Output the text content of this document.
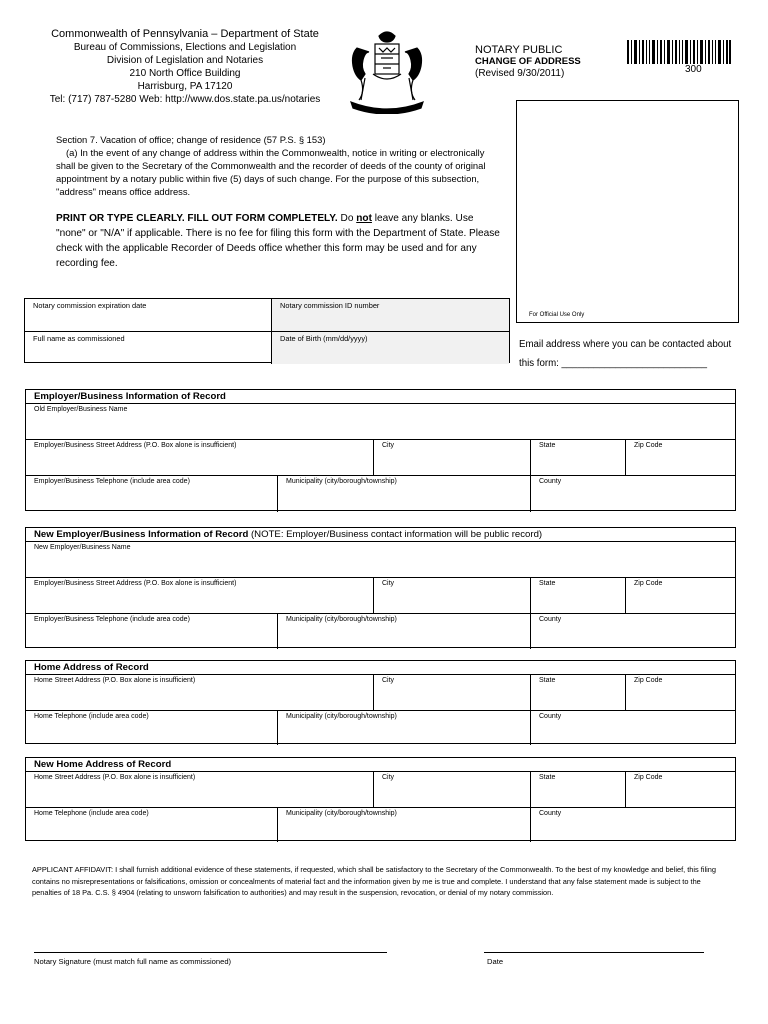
Commonwealth of Pennsylvania – Department of State
Bureau of Commissions, Elections and Legislation
Division of Legislation and Notaries
210 North Office Building
Harrisburg, PA 17120
Tel: (717) 787-5280 Web: http://www.dos.state.pa.us/notaries
NOTARY PUBLIC
CHANGE OF ADDRESS
(Revised 9/30/2011)	300
For Official Use Only
Section 7. Vacation of office; change of residence (57 P.S. § 153)
(a) In the event of any change of address within the Commonwealth, notice in writing or electronically shall be given to the Secretary of the Commonwealth and the recorder of deeds of the county of original appointment by a notary public within five (5) days of such change. For the purpose of this subsection, "address" means office address.
PRINT OR TYPE CLEARLY. FILL OUT FORM COMPLETELY. Do not leave any blanks. Use "none" or "N/A" if applicable. There is no fee for filing this form with the Department of State. Please check with the applicable Recorder of Deeds office whether this form may be used and for any recording fee.
Notary commission expiration date	Notary commission ID number
Full name as commissioned	Date of Birth (mm/dd/yyyy)
Email address where you can be contacted about
this form: ___________________________
Employer/Business Information of Record
Old Employer/Business Name
Employer/Business Street Address (P.O. Box alone is insufficient)	City	State	Zip Code
Employer/Business Telephone (include area code)	Municipality (city/borough/township)	County
New Employer/Business Information of Record (NOTE: Employer/Business contact information will be public record)
New Employer/Business Name
Employer/Business Street Address (P.O. Box alone is insufficient)	City	State	Zip Code
Employer/Business Telephone (include area code)	Municipality (city/borough/township)	County
Home Address of Record
Home Street Address (P.O. Box alone is insufficient)	City	State	Zip Code
Home Telephone (include area code)	Municipality (city/borough/township)	County
New Home Address of Record
Home Street Address (P.O. Box alone is insufficient)	City	State	Zip Code
Home Telephone (include area code)	Municipality (city/borough/township)	County
APPLICANT AFFIDAVIT: I shall furnish additional evidence of these statements, if requested, which shall be satisfactory to the Secretary of the Commonwealth. To the best of my knowledge and belief, this filing contains no misrepresentations or falsifications, omission or concealments of material fact and the information given by me is true and complete. I understand that any false statement made is subject to the penalties of 18 Pa. C.S. § 4904 (relating to unsworn falsification to authorities) and may result in the suspension, revocation, or denial of my notary commission.
Notary Signature (must match full name as commissioned)	Date
